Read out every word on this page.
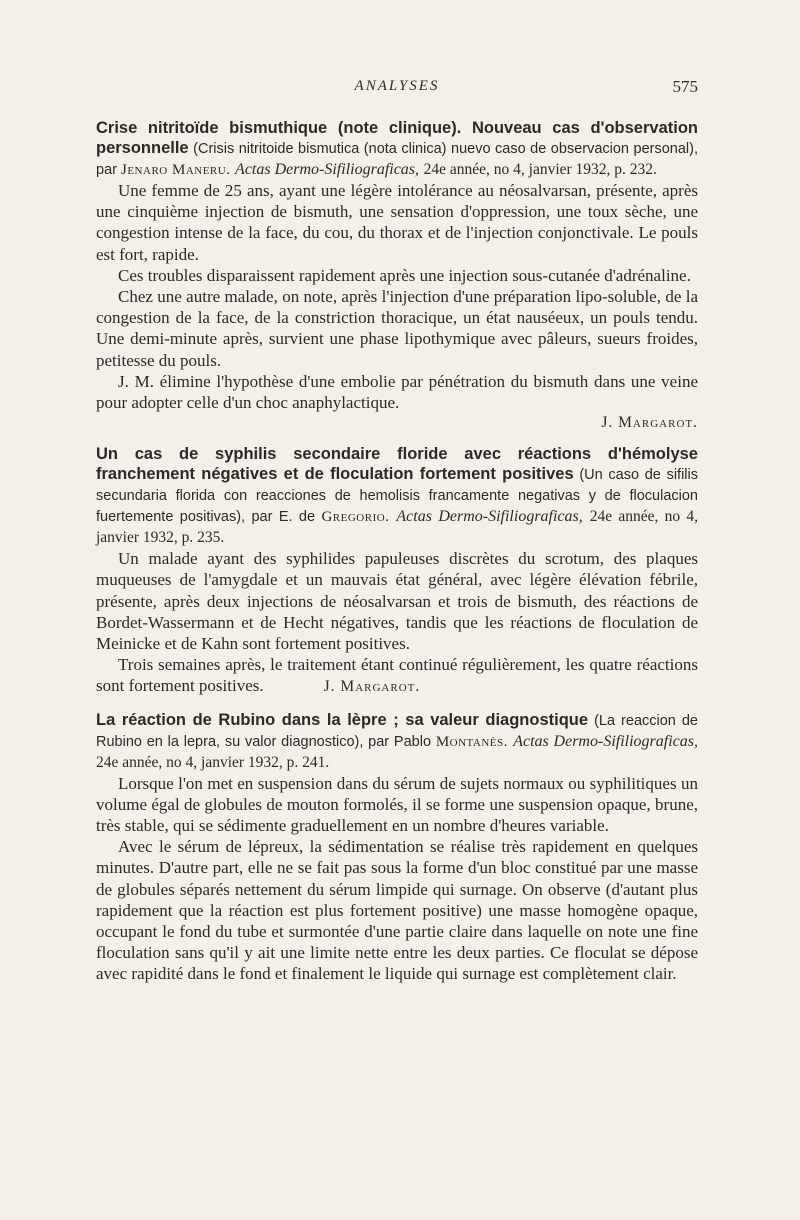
ANALYSES	575

Crise nitritoïde bismuthique (note clinique). Nouveau cas d'observation personnelle (Crisis nitritoide bismutica (nota clinica) nuevo caso de observacion personal), par Jenaro Maneru. Actas Dermo-Sifiliograficas, 24e année, no 4, janvier 1932, p. 232.

Une femme de 25 ans, ayant une légère intolérance au néosalvarsan, présente, après une cinquième injection de bismuth, une sensation d'oppression, une toux sèche, une congestion intense de la face, du cou, du thorax et de l'injection conjonctivale. Le pouls est fort, rapide.

Ces troubles disparaissent rapidement après une injection sous-cutanée d'adrénaline.

Chez une autre malade, on note, après l'injection d'une préparation lipo-soluble, de la congestion de la face, de la constriction thoracique, un état nauséeux, un pouls tendu. Une demi-minute après, survient une phase lipothymique avec pâleurs, sueurs froides, petitesse du pouls.

J. M. élimine l'hypothèse d'une embolie par pénétration du bismuth dans une veine pour adopter celle d'un choc anaphylactique.

J. Margarot.

Un cas de syphilis secondaire floride avec réactions d'hémolyse franchement négatives et de floculation fortement positives (Un caso de sifilis secundaria florida con reacciones de hemolisis francamente negativas y de floculacion fuertemente positivas), par E. de Gregorio. Actas Dermo-Sifiliograficas, 24e année, no 4, janvier 1932, p. 235.

Un malade ayant des syphilides papuleuses discrètes du scrotum, des plaques muqueuses de l'amygdale et un mauvais état général, avec légère élévation fébrile, présente, après deux injections de néosalvarsan et trois de bismuth, des réactions de Bordet-Wassermann et de Hecht négatives, tandis que les réactions de floculation de Meinicke et de Kahn sont fortement positives.

Trois semaines après, le traitement étant continué régulièrement, les quatre réactions sont fortement positives.	J. Margarot.

La réaction de Rubino dans la lèpre ; sa valeur diagnostique (La reaccion de Rubino en la lepra, su valor diagnostico), par Pablo Montanès. Actas Dermo-Sifiliograficas, 24e année, no 4, janvier 1932, p. 241.

Lorsque l'on met en suspension dans du sérum de sujets normaux ou syphilitiques un volume égal de globules de mouton formolés, il se forme une suspension opaque, brune, très stable, qui se sédimente graduellement en un nombre d'heures variable.

Avec le sérum de lépreux, la sédimentation se réalise très rapidement en quelques minutes. D'autre part, elle ne se fait pas sous la forme d'un bloc constitué par une masse de globules séparés nettement du sérum limpide qui surnage. On observe (d'autant plus rapidement que la réaction est plus fortement positive) une masse homogène opaque, occupant le fond du tube et surmontée d'une partie claire dans laquelle on note une fine floculation sans qu'il y ait une limite nette entre les deux parties. Ce floculat se dépose avec rapidité dans le fond et finalement le liquide qui surnage est complètement clair.
